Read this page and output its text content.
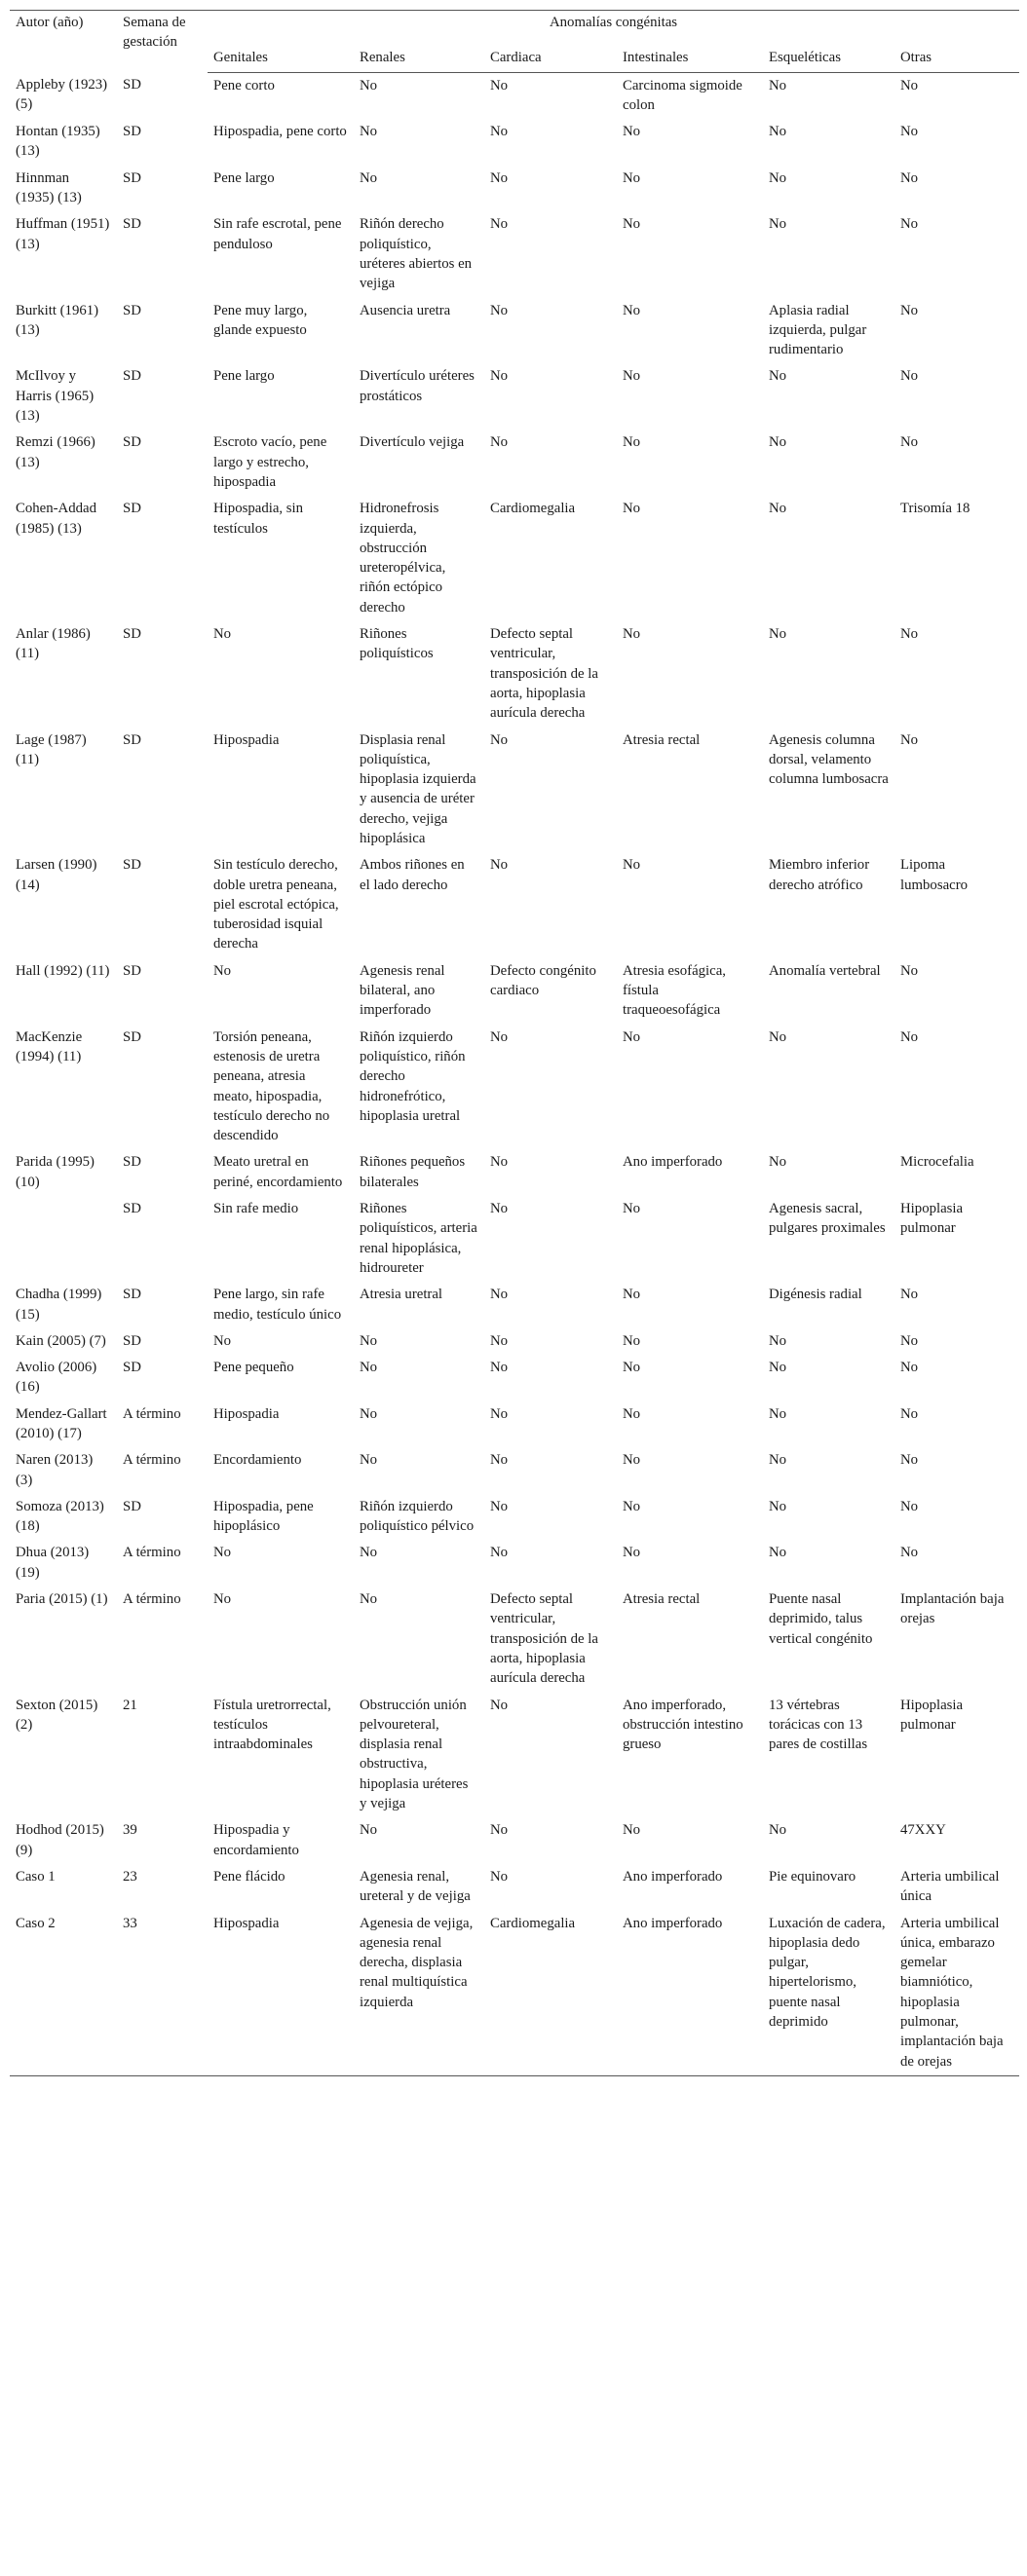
Autor (año)	Semana de gestación	Anomalías congénitas					

		Genitales	Renales	Cardiaca	Intestinales	Esqueléticas	Otras
Appleby (1923) (5)	SD	Pene corto	No	No	Carcinoma sigmoide colon	No	No
Hontan (1935) (13)	SD	Hipospadia, pene corto	No	No	No	No	No
Hinnman (1935) (13)	SD	Pene largo	No	No	No	No	No
Huffman (1951) (13)	SD	Sin rafe escrotal, pene penduloso	Riñón derecho poliquístico, uréteres abiertos en vejiga	No	No	No	No
Burkitt (1961) (13)	SD	Pene muy largo, glande expuesto	Ausencia uretra	No	No	Aplasia radial izquierda, pulgar rudimentario	No
McIlvoy y Harris (1965) (13)	SD	Pene largo	Divertículo uréteres prostáticos	No	No	No	No
Remzi (1966) (13)	SD	Escroto vacío, pene largo y estrecho, hipospadia	Divertículo vejiga	No	No	No	No
Cohen-Addad (1985) (13)	SD	Hipospadia, sin testículos	Hidronefrosis izquierda, obstrucción ureteropélvica, riñón ectópico derecho	Cardiomegalia	No	No	Trisomía 18
Anlar (1986) (11)	SD	No	Riñones poliquísticos	Defecto septal ventricular, transposición de la aorta, hipoplasia aurícula derecha	No	No	No
Lage (1987) (11)	SD	Hipospadia	Displasia renal poliquística, hipoplasia izquierda y ausencia de uréter derecho, vejiga hipoplásica	No	Atresia rectal	Agenesis columna dorsal, velamento columna lumbosacra	No
Larsen (1990) (14)	SD	Sin testículo derecho, doble uretra peneana, piel escrotal ectópica, tuberosidad isquial derecha	Ambos riñones en el lado derecho	No	No	Miembro inferior derecho atrófico	Lipoma lumbosacro
Hall (1992) (11)	SD	No	Agenesis renal bilateral, ano imperforado	Defecto congénito cardiaco	Atresia esofágica, fístula traqueoesofágica	Anomalía vertebral	No
MacKenzie (1994) (11)	SD	Torsión peneana, estenosis de uretra peneana, atresia meato, hipospadia, testículo derecho no descendido	Riñón izquierdo poliquístico, riñón derecho hidronefrótico, hipoplasia uretral	No	No	No	No
Parida (1995) (10)	SD	Meato uretral en periné, encordamiento	Riñones pequeños bilaterales	No	Ano imperforado	No	Microcefalia
	SD	Sin rafe medio	Riñones poliquísticos, arteria renal hipoplásica, hidroureter	No	No	Agenesis sacral, pulgares proximales	Hipoplasia pulmonar
Chadha (1999) (15)	SD	Pene largo, sin rafe medio, testículo único	Atresia uretral	No	No	Digénesis radial	No
Kain (2005) (7)	SD	No	No	No	No	No	No
Avolio (2006) (16)	SD	Pene pequeño	No	No	No	No	No
Mendez-Gallart (2010) (17)	A término	Hipospadia	No	No	No	No	No
Naren (2013) (3)	A término	Encordamiento	No	No	No	No	No
Somoza (2013) (18)	SD	Hipospadia, pene hipoplásico	Riñón izquierdo poliquístico pélvico	No	No	No	No
Dhua (2013) (19)	A término	No	No	No	No	No	No
Paria (2015) (1)	A término	No	No	Defecto septal ventricular, transposición de la aorta, hipoplasia aurícula derecha	Atresia rectal	Puente nasal deprimido, talus vertical congénito	Implantación baja orejas
Sexton (2015) (2)	21	Fístula uretrorrectal, testículos intraabdominales	Obstrucción unión pelvoureteral, displasia renal obstructiva, hipoplasia uréteres y vejiga	No	Ano imperforado, obstrucción intestino grueso	13 vértebras torácicas con 13 pares de costillas	Hipoplasia pulmonar
Hodhod (2015) (9)	39	Hipospadia y encordamiento	No	No	No	No	47XXY
Caso 1	23	Pene flácido	Agenesia renal, ureteral y de vejiga	No	Ano imperforado	Pie equinovaro	Arteria umbilical única
Caso 2	33	Hipospadia	Agenesia de vejiga, agenesia renal derecha, displasia renal multiquística izquierda	Cardiomegalia	Ano imperforado	Luxación de cadera, hipoplasia dedo pulgar, hipertelorismo, puente nasal deprimido	Arteria umbilical única, embarazo gemelar biamniótico, hipoplasia pulmonar, implantación baja de orejas
